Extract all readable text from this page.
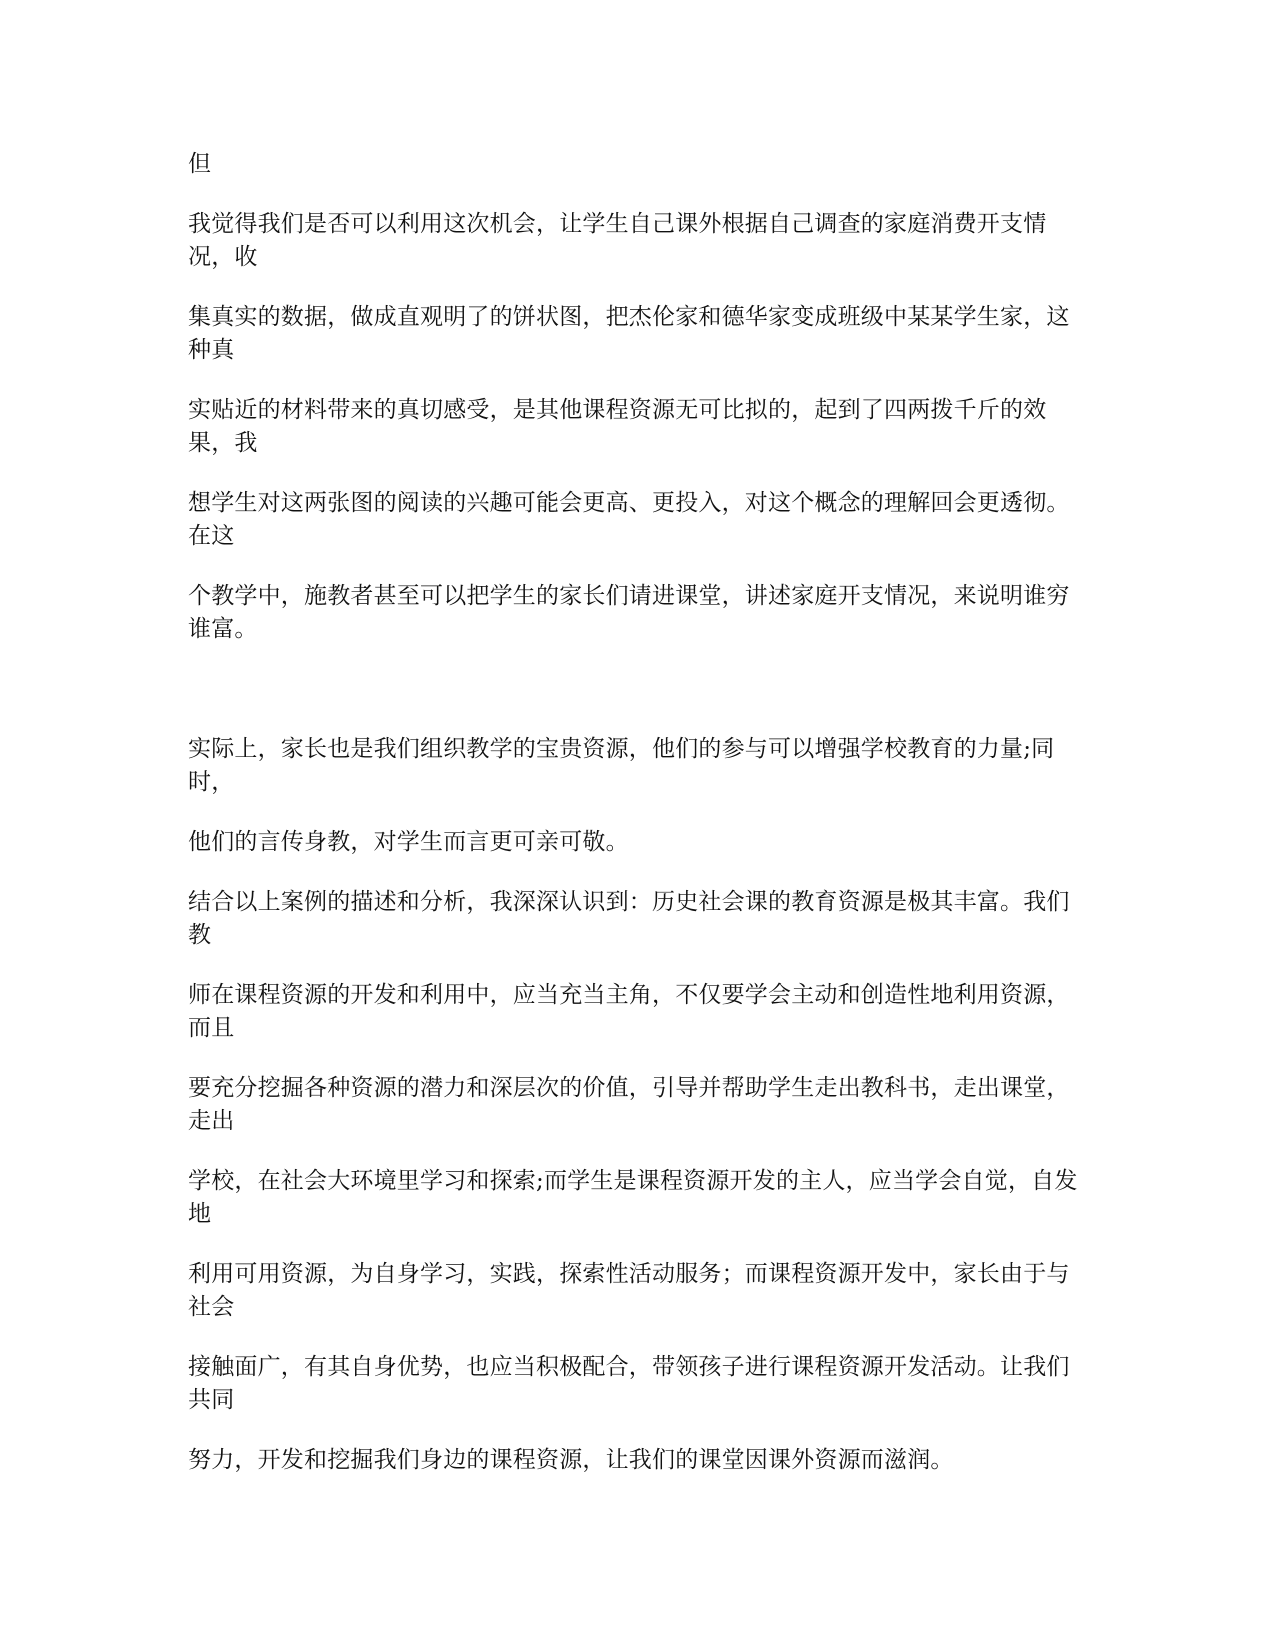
但

我觉得我们是否可以利用这次机会，让学生自己课外根据自己调查的家庭消费开支情况，收

集真实的数据，做成直观明了的饼状图，把杰伦家和德华家变成班级中某某学生家，这种真

实贴近的材料带来的真切感受，是其他课程资源无可比拟的，起到了四两拨千斤的效果，我

想学生对这两张图的阅读的兴趣可能会更高、更投入，对这个概念的理解回会更透彻。在这

个教学中，施教者甚至可以把学生的家长们请进课堂，讲述家庭开支情况，来说明谁穷谁富。

实际上，家长也是我们组织教学的宝贵资源，他们的参与可以增强学校教育的力量;同时，

他们的言传身教，对学生而言更可亲可敬。

结合以上案例的描述和分析，我深深认识到：历史社会课的教育资源是极其丰富。我们教

师在课程资源的开发和利用中，应当充当主角，不仅要学会主动和创造性地利用资源，而且

要充分挖掘各种资源的潜力和深层次的价值，引导并帮助学生走出教科书，走出课堂，走出

学校，在社会大环境里学习和探索;而学生是课程资源开发的主人，应当学会自觉，自发地

利用可用资源，为自身学习，实践，探索性活动服务；而课程资源开发中，家长由于与社会

接触面广，有其自身优势，也应当积极配合，带领孩子进行课程资源开发活动。让我们共同

努力，开发和挖掘我们身边的课程资源，让我们的课堂因课外资源而滋润。
